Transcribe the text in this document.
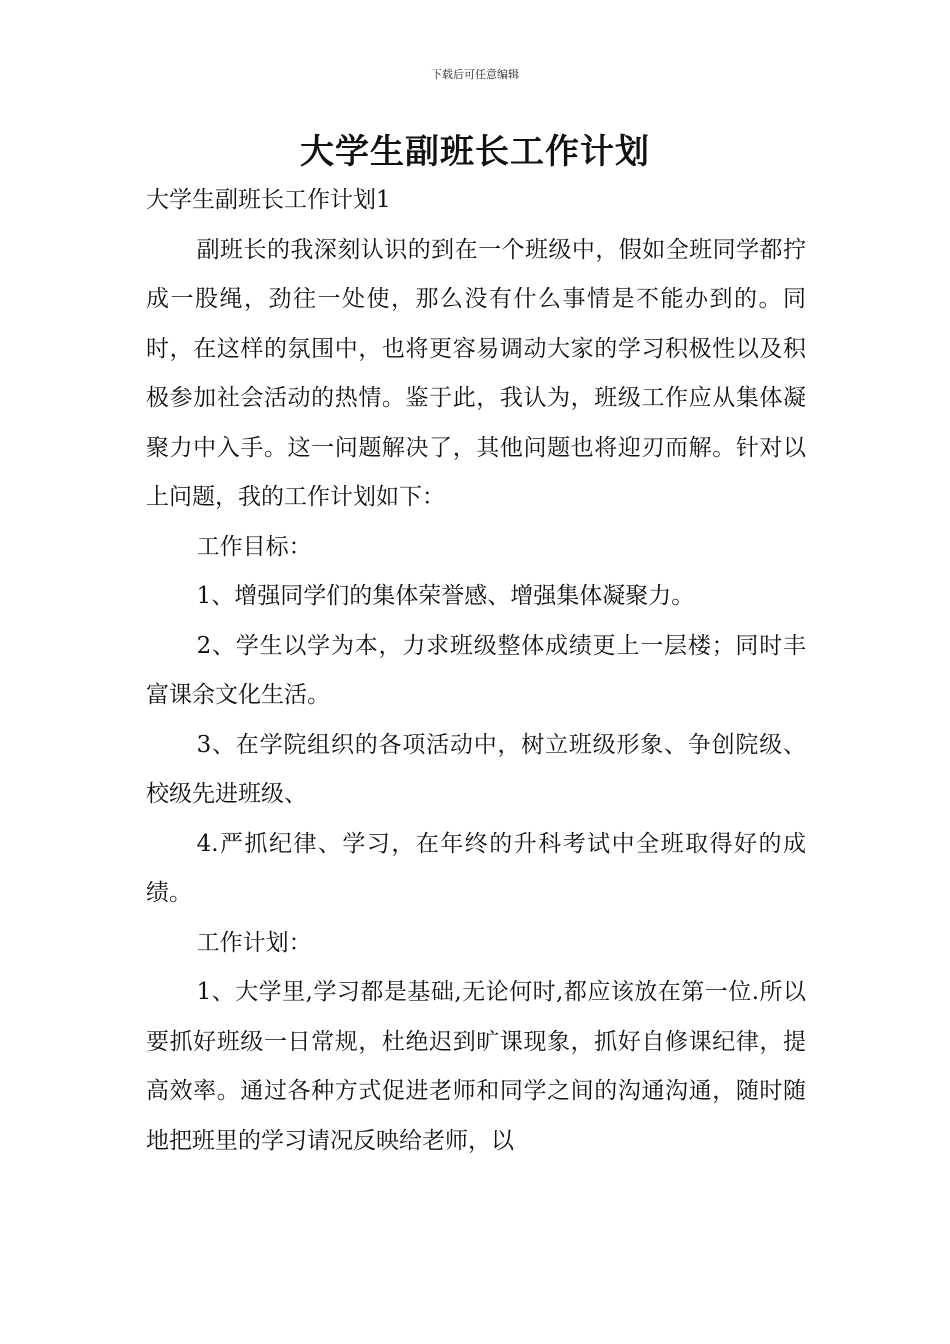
下载后可任意编辑
大学生副班长工作计划

大学生副班长工作计划1

副班长的我深刻认识的到在一个班级中，假如全班同学都拧成一股绳，劲往一处使，那么没有什么事情是不能办到的。同时，在这样的氛围中，也将更容易调动大家的学习积极性以及积极参加社会活动的热情。鉴于此，我认为，班级工作应从集体凝聚力中入手。这一问题解决了，其他问题也将迎刃而解。针对以上问题，我的工作计划如下：

工作目标：

1、增强同学们的集体荣誉感、增强集体凝聚力。

2、学生以学为本，力求班级整体成绩更上一层楼；同时丰富课余文化生活。

3、在学院组织的各项活动中，树立班级形象、争创院级、校级先进班级、

4.严抓纪律、学习，在年终的升科考试中全班取得好的成绩。

工作计划：

1、大学里,学习都是基础,无论何时,都应该放在第一位.所以要抓好班级一日常规，杜绝迟到旷课现象，抓好自修课纪律，提高效率。通过各种方式促进老师和同学之间的沟通沟通，随时随地把班里的学习请况反映给老师，以
